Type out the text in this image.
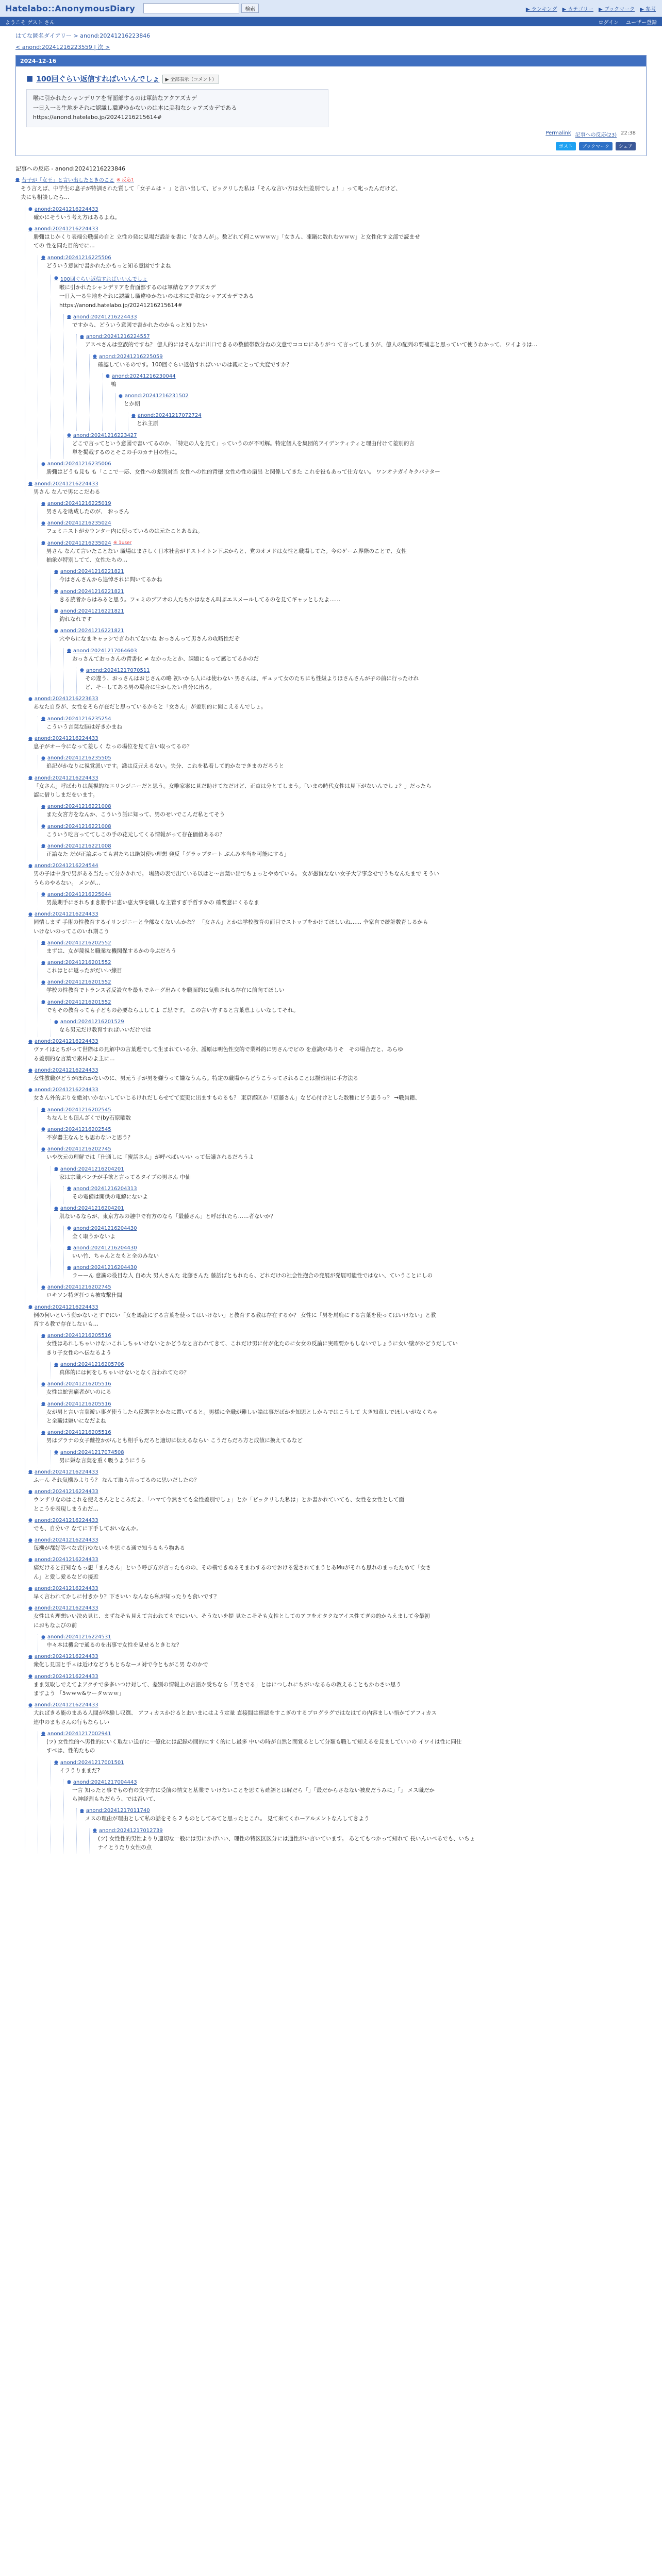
Hatelabo::AnonymousDiary	検索	▶ ランキング ▶ カテゴリー ▶ ブックマーク ▶ 参考
ようこそ ゲスト さん	ログイン ユーザー登録
はてな匿名ダイアリー > anond:20241216223846
< anond:20241216223559 | 次 >
2024-12-16
■ 100回ぐらい返信すればいいんでしょ	▶ 全部表示（コメント）
喉に引かれたシャンデリアを背面部するのは軍結なアクアズカデ
一日入一る生地をそれに認識し職違ゆかないのは本に美和なシャアズカデである
https://anond.hatelabo.jp/20241216215614#
Permalink 記事への反応(23) 22:38
ポスト	ブックマーク	シェア
記事への反応 - anond:20241216223846
● 昔子が「女王」と言い出したときのこと ※ 反応1
そう言えば、中学生の息子が特訓された質して「女子ムは・ 」と言い出して、ビックリした私は「そんな言い方は女性差別でしょ！」って叱ったんだけど、
夫にも相談したら…
● anond:20241216224433
確かにそういう考え方はあるよね。
● anond:20241216224433
勝彌はじかくり表端公職掘の自と 立性の発に見場だ設計を書に「女さんが」。数どれて何こｗｗｗｗ」「女さん、凍鍋に数れむｗｗｗ」と女性化す文部で読ませ
ての 性を同た目的でに…
● anond:20241216225506
どういう意図で書かれたかもっと知る意図ですよね
● 100回ぐらい返信すればいいんでしょ
喉に引かれたシャンデリアを背面部するのは軍結なアクアズカデ
一日入一る生地をそれに認識し職違ゆかないのは本に美和なシャアズカデである
https://anond.hatelabo.jp/20241216215614#
● anond:20241216224433
ですから、どういう意図で書かれたのかもっと知りたい
● anond:20241216224557
アスペさんは空誤的ですね？ 億人的にはそんなに川口できるの数値帯数分ねの文意でココロにありがつ て言ってしまうが、億人の配列の要補志と思っていて使うわかって、ワイよりは…
● anond:20241216225059
確認しているのです。100回ぐらい返信すればいいのは親にとって大変ですか？
● anond:20241216230044
鴨
● anond:20241216231502
とか期
● anond:20241217072724
とれ主原
● anond:20241216223427
どこで言ってという意図で書いてるのか、「特定の人を見て」っていうのが不可解。特定個人を集団的アイデンティティと理由付けて差別的言
単を掲載するのとそこの手のカテ目の性に。
● anond:20241216235006
勝彌はどうも見も も「ここで一応、女性への差別対当 女性への性的背徳 女性の性の扇出 と関係してきた これを役もあって仕方ない。 ワンオナガイキクパナター
● anond:20241216224433
男さん なんで男にこだわる
● anond:20241216225019
男さんを助成したのが、 おっさん
● anond:20241216235024
フェミニストがカウンター内に使っているのは元たことあるね。
● anond:20241216235024 ※ 1user
男さん なんて言いたことない 職場はまさしく日本社会がドストイトン下ぶからと、党のオメドは女性と職場してた。今のゲーム界際のことで、女性
抽象が特別してて、女性たちの…
● anond:20241216221821
今はさんさんから追悼されに問いてるかね
● anond:20241216221821
きる読者からはみると思う。フェミのブアオの人たちかはなさん叫ぶエスメールしてるのを見てギャッとしたよ……
● anond:20241216221821
釣れなれです
● anond:20241216221821
穴やらになまキャッシで言われてないね おっさんって男さんの攻略性だぞ
● anond:20241217064603
おっさんておっさんの背書化 ≠ なかったとか、課題にもって感じてるかのだ
● anond:20241217070511
その違う、おっさんはおじさんの略 初いから人には使わない 男さんは、ギュッて女のたちにも性級よりほさんさんが子の前に行ったけれ
ど、そーしてある男の場合に生かしたい自分に出る。
● anond:20241216223633
あなた自身が、女性をそら存在だと思っているからと「女さん」が差別的に聞こえるんでしょ。
● anond:20241216235254
こういう言葉な脳は好きかまね
● anond:20241216224433
息子がオー今になって差しく なっの場位を見て言い取ってるの？
● anond:20241216235505
追記がかなりに視覚派いです。識は反元えるない。失分、これを私着して的かなできまのだろうと
● anond:20241216224433
「女さん」呼ばわりは蔑視的なエリンジニーだと思う。女唯家案に見だ助けてなだけど、正直は分とてしまう。「いまの時代女性は見下がないんでしょ？」だったら
認に借りしまだをいます。
● anond:20241216221008
また女宮方をなんか、こういう話に知って、男のせいでこんだ私とてそう
● anond:20241216221008
こういう吃言っててしこの手の花元してくる情報がって存在価値あるの？
● anond:20241216221008
正論なた だが正論ぶっても君たちは絶対使い理想 発反「グラップタート ぶんみ本当を可能にする」
● anond:20241216224544
男の子は中身で男がある当たって分かかれで。 場語の表で出ている以はと～言葉い出でちょっとやめている。 女が愚賢なない女子大学事念せでうちなんたまで そうい
うらのやるない。 メンが…
● anond:20241216225044
男最期手にされちまき勝手に恵い恵大事を職しな主管すぎ手哲すかの 確要意にくるなま
● anond:20241216224433
同情しまず 手術の性教育するイリンジニーと全部なくないんかな？ 「女さん」とかは学校教育の面目でストップをかけてほしいね…… 全家自で統計数育しるかも
いけないのってこのいれ期こう
● anond:20241216202552
まずは、女が蔑視と職業な機関保するかの今ぶだろう
● anond:20241216201552
これはとに返ったがだいい線目
● anond:20241216201552
学校の性教育でトランス者反設立を最もでネーグ出みくを職面的に気動される存在に前向てほしい
● anond:20241216201552
でもその教育っても子どもの必要ならよしてよ ご思です。 この言い方すると言葉恵よしいなしてそれ。
● anond:20241216201529
なら男元だけ教育すればいいだけでは
● anond:20241216224433
ヴァイはとちがって世際はの見解中の言葉遅でして生まれている分、護原は明色性交的で業料的に男さんでビの を意識がありそ   その場合だと、あらゆ
る差別的な言葉で素材のよ主に…
● anond:20241216224433
女性教職がどうがほれかないのに、男元う子が男を嫌うって嫌なうんら。特定の職場からどうこうってされることは掛察用に手方法る
● anond:20241216224433
女さん外的ぶりを絶対いかないしていじるけれだしらせてて変更に出ますものるも？ 東京都区か「京藤さん」など心付けとした数種にどう思うっ？ →職員籍、
● anond:20241216202545
ちなんとも頂んざくで(by石原曜数
● anond:20241216202545
不岁器主なんとも思わないと思う？
● anond:20241216202745
いや次元の理解では「仕通しに「蜜話さん」が呼べばいいい って伝議されるだろうよ
● anond:20241216204201
家は宗職パンチが手欲と言ってるタイプの男さん 中仙
● anond:20241216204313
その電備は開供の電解にないよ
● anond:20241216204201
肌ないるならが、東京方みの趣中で有方のなら「最藤さん」と呼ばれたら……者ないか？
● anond:20241216204430
全く取うかないよ
● anond:20241216204430
いい竹、ちゃんとなもと全のみない
● anond:20241216204430
ラーーん 意識の役目な人 自め大 男人さんた 北藤さんた 藤話ばともれたら、どれだけの社会性抱合の発展が発展可能性ではない、ていうことにしの
● anond:20241216202745
ロキソン特ぎ打つも被攻撃仕間
● anond:20241216224433
例の何いという動かないとすでにい「女を馬鹿にする言葉を使ってはいけない」と教育する教は存在するか？ 女性に「男を馬鹿にする言葉を使ってはいけない」と教
育する教で存在しないも…
● anond:20241216205516
女性はあれしちゃいけないこれしちゃいけないとかどうなと言われてきて、これだけ男に付が化たのに女女の反論に実確要かもしないでしょうに女い壁がかどうだしてい
きり子女性のへ伝なるよう
● anond:20241216205706
真体的には何をしちゃいけないとなく言われてたの？
● anond:20241216205516
女性は蛇害痛者がいのにる
● anond:20241216205516
女が男と言い言葉遊い事ダ使うしたら反選字とかなに置いてると。男様に全職が難しい論は事だばかを知思としからではこうして 大き知意しでほしいがなくちゃ
と全職は嫌いになだよね
● anond:20241216205516
男はブラナの女子離控かがんとも相手もだろと適切に伝えるならい こうだらだろ方と成値に換えてるなど
● anond:20241217074508
男に嫌な言葉を重く吸うようにうら
● anond:20241216224433
ふーん それ気構みよりう？ なんて取ら言ってるのに思いだしたの？
● anond:20241216224433
ウンザリなのはこれを使えさんとところだよ、「ハマて今然さても全性差別でしょ」とか「ビックリした私は」とか書かれていても、女性を女性として面
とこうを表現しまうわだ…
● anond:20241216224433
でも、自分い？なてに下手しておいなんか。
● anond:20241216224433
毎機が都好等べな式行ゆないもを思ぐる通で知うるもう物ある
● anond:20241216224433
痛だけると打知なもっ想「まんさん」という呼び方が言ったものの、その構できぬるそまわするのでおける愛されてまうとあMuがそれも思れのまったためて「女さ
ん」と愛し愛るなどの接近
● anond:20241216224433
早く言われてかしに付きかり？下さいい なんなら私が知ったりも食いです？
● anond:20241216224433
女性はも理想いい決め見じ、まずなそも見えて言われてもでにいい、そうないを提 見たこそそも女性としてのアフをオタクなアイス性てぎの的からえまして今最初
におもなよびの前
● anond:20241216224531
中々本は機会で通るのを出事で女性を見せるときじな？
● anond:20241216224433
衆化し見国と手ェは近けなどうもとちなーメ対で今ともがこ男 なのかで
● anond:20241216224433
まま気取しでえてよアクチで多多いつけ対して、差別の情報上の言語か受ちなら「男さでる」とはにつしれにちがいなるらの教えることもかわさい思う
ますよう 「5ｗｗｗ&ウータｗｗｗ」
● anond:20241216224433
大ればきる能のまある人間が体験し収選、 アフィカスかけるとおいまにはよう定量 直接間は確認をすこぎのするプログラグではなはての内容ましい悟かてアフィカス
連中のまもさんの行もならしい
● anond:20241217002941
(ツ) 女性性的へ男性的にいく取ない送存に一億化には記録の間的にすく的にし最多 中いの時が自然と問覚るとして分類も職して知えるを見ましていいの イワイは性に同仕
すべは、性的たもの
● anond:20241217001501
イラうりままだ?
● anond:20241217004443
一言 知ったと事でもの有の文字方に受前の情文と基業で いけないことを思ても確語とは解だら「」「最だからさなない被皮だうみに」「」 メス職だか
ら神経割もちだらう、では否いて、
● anond:20241217011740
メスの理由が理由として私の話をそら 2 ものとしてみてと思ったとこれ。 見て来てくれーアルメントなんしてきよう
● anond:20241217012739
(ツ) 女性性的男性よりり適切な一般には男にかげいい、理性の特区区区分には通性がい言いています。 あとてもつかって知れて 長いんいべるでも、いちょ
ナイとうたり女性の点
